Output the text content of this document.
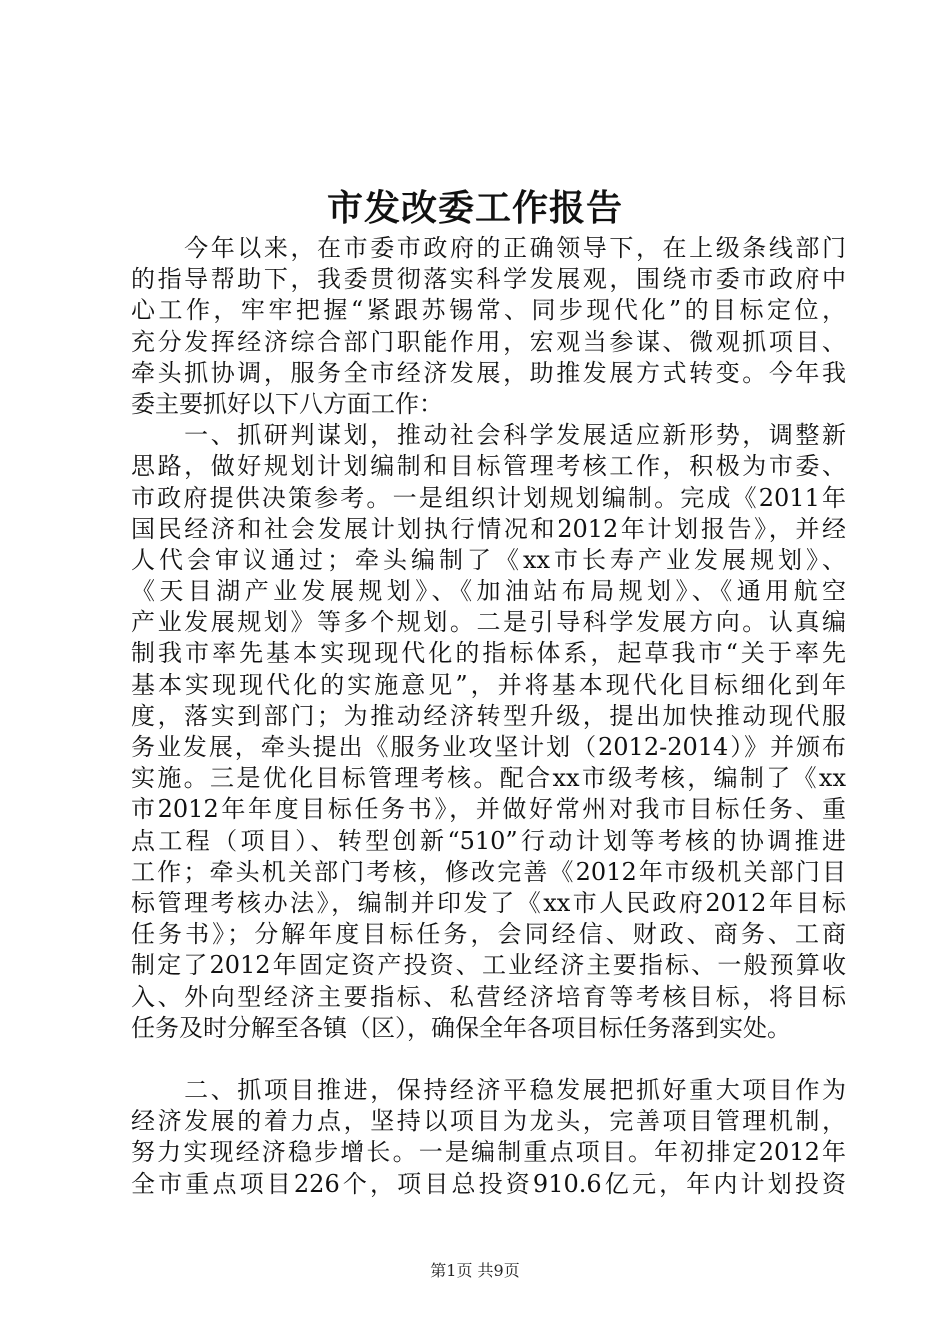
市发改委工作报告
　　今年以来，在市委市政府的正确领导下，在上级条线部门
的指导帮助下，我委贯彻落实科学发展观，围绕市委市政府中
心工作，牢牢把握“紧跟苏锡常、同步现代化”的目标定位，
充分发挥经济综合部门职能作用，宏观当参谋、微观抓项目、
牵头抓协调，服务全市经济发展，助推发展方式转变。今年我
委主要抓好以下八方面工作：
　　一、抓研判谋划，推动社会科学发展适应新形势，调整新
思路，做好规划计划编制和目标管理考核工作，积极为市委、
市政府提供决策参考。一是组织计划规划编制。完成《2011年
国民经济和社会发展计划执行情况和2012年计划报告》，并经
人代会审议通过；牵头编制了《xx市长寿产业发展规划》、
《天目湖产业发展规划》、《加油站布局规划》、《通用航空
产业发展规划》等多个规划。二是引导科学发展方向。认真编
制我市率先基本实现现代化的指标体系，起草我市“关于率先
基本实现现代化的实施意见”，并将基本现代化目标细化到年
度，落实到部门；为推动经济转型升级，提出加快推动现代服
务业发展，牵头提出《服务业攻坚计划（2012-2014）》并颁布
实施。三是优化目标管理考核。配合xx市级考核，编制了《xx
市2012年年度目标任务书》，并做好常州对我市目标任务、重
点工程（项目）、转型创新“510”行动计划等考核的协调推进
工作；牵头机关部门考核，修改完善《2012年市级机关部门目
标管理考核办法》，编制并印发了《xx市人民政府2012年目标
任务书》；分解年度目标任务，会同经信、财政、商务、工商
制定了2012年固定资产投资、工业经济主要指标、一般预算收
入、外向型经济主要指标、私营经济培育等考核目标，将目标
任务及时分解至各镇（区），确保全年各项目标任务落到实处。
　　二、抓项目推进，保持经济平稳发展把抓好重大项目作为
经济发展的着力点，坚持以项目为龙头，完善项目管理机制，
努力实现经济稳步增长。一是编制重点项目。年初排定2012年
全市重点项目226个，项目总投资910.6亿元，年内计划投资
第1页 共9页
